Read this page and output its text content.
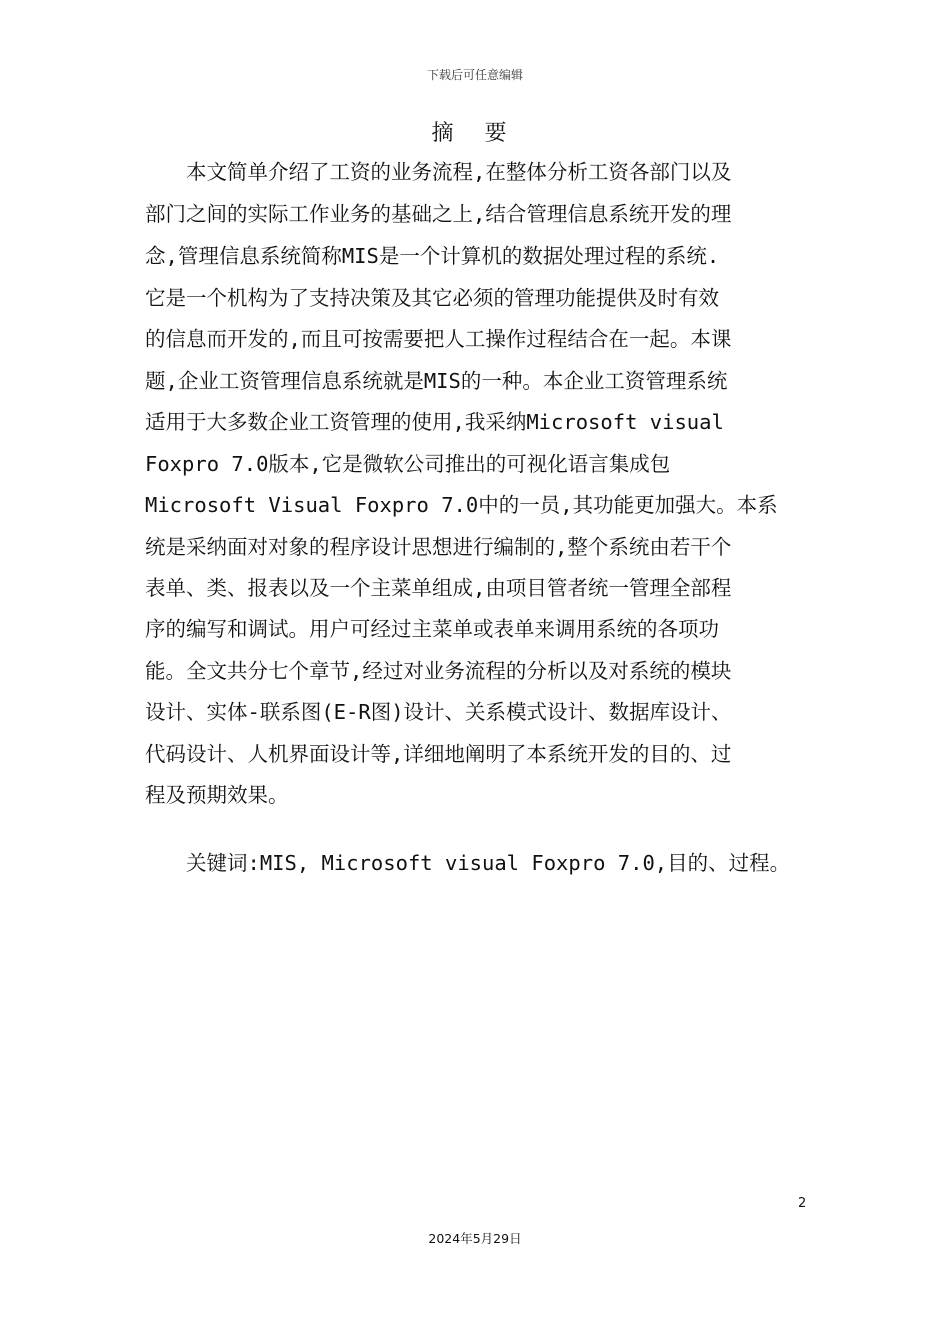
下载后可任意编辑
摘 要
　　本文简单介绍了工资的业务流程,在整体分析工资各部门以及
部门之间的实际工作业务的基础之上,结合管理信息系统开发的理
念,管理信息系统简称MIS是一个计算机的数据处理过程的系统.
它是一个机构为了支持决策及其它必须的管理功能提供及时有效
的信息而开发的,而且可按需要把人工操作过程结合在一起。本课
题,企业工资管理信息系统就是MIS的一种。本企业工资管理系统
适用于大多数企业工资管理的使用,我采纳Microsoft visual
Foxpro 7.0版本,它是微软公司推出的可视化语言集成包
Microsoft Visual Foxpro 7.0中的一员,其功能更加强大。本系
统是采纳面对对象的程序设计思想进行编制的,整个系统由若干个
表单、类、报表以及一个主菜单组成,由项目管者统一管理全部程
序的编写和调试。用户可经过主菜单或表单来调用系统的各项功
能。全文共分七个章节,经过对业务流程的分析以及对系统的模块
设计、实体-联系图(E-R图)设计、关系模式设计、数据库设计、
代码设计、人机界面设计等,详细地阐明了本系统开发的目的、过
程及预期效果。
　　关键词:MIS, Microsoft visual Foxpro 7.0,目的、过程。
2
2024年5月29日
